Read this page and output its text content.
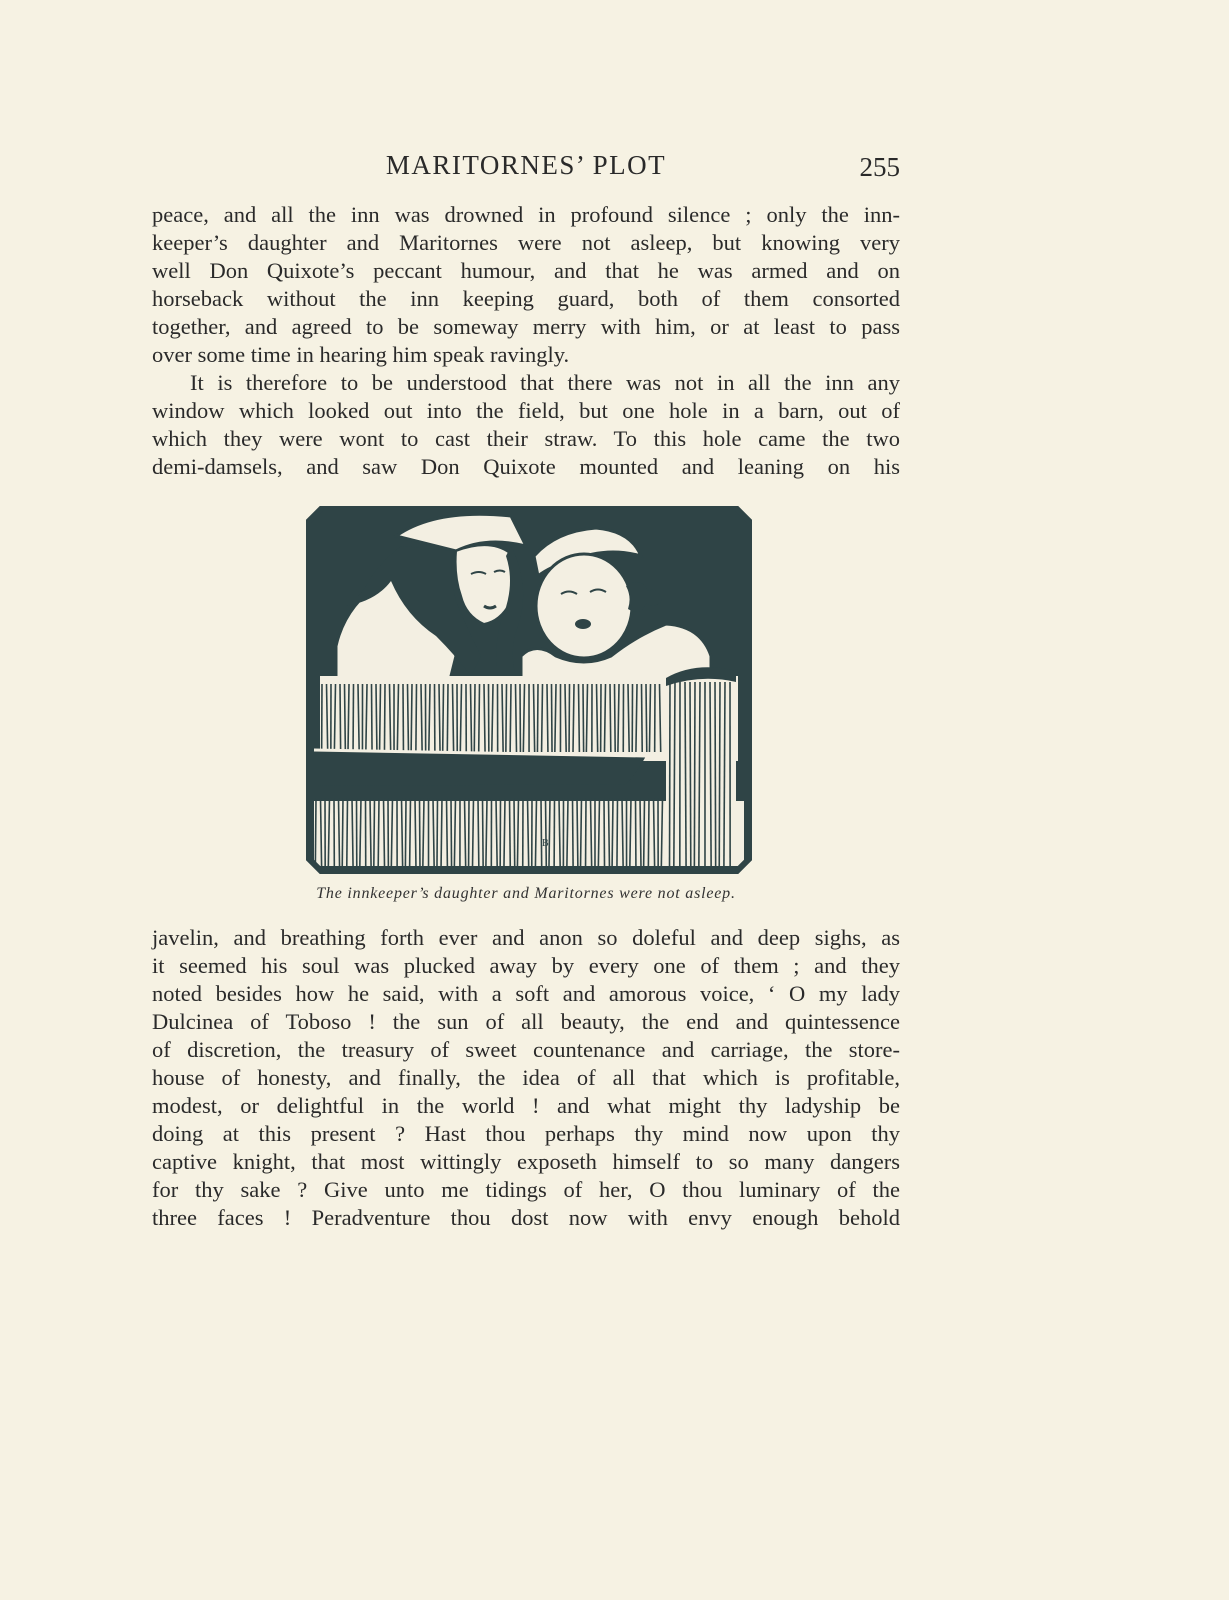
MARITORNES’ PLOT	255

peace, and all the inn was drowned in profound silence ; only the inn-
keeper’s daughter and Maritornes were not asleep, but knowing very
well Don Quixote’s peccant humour, and that he was armed and on
horseback without the inn keeping guard, both of them consorted
together, and agreed to be someway merry with him, or at least to pass
over some time in hearing him speak ravingly.

It is therefore to be understood that there was not in all the inn any
window which looked out into the field, but one hole in a barn, out of
which they were wont to cast their straw. To this hole came the two
demi-damsels, and saw Don Quixote mounted and leaning on his

B
The innkeeper’s daughter and Maritornes were not asleep.

javelin, and breathing forth ever and anon so doleful and deep sighs, as
it seemed his soul was plucked away by every one of them ; and they
noted besides how he said, with a soft and amorous voice, ‘ O my lady
Dulcinea of Toboso ! the sun of all beauty, the end and quintessence
of discretion, the treasury of sweet countenance and carriage, the store-
house of honesty, and finally, the idea of all that which is profitable,
modest, or delightful in the world ! and what might thy ladyship be
doing at this present ? Hast thou perhaps thy mind now upon thy
captive knight, that most wittingly exposeth himself to so many dangers
for thy sake ? Give unto me tidings of her, O thou luminary of the
three faces ! Peradventure thou dost now with envy enough behold
